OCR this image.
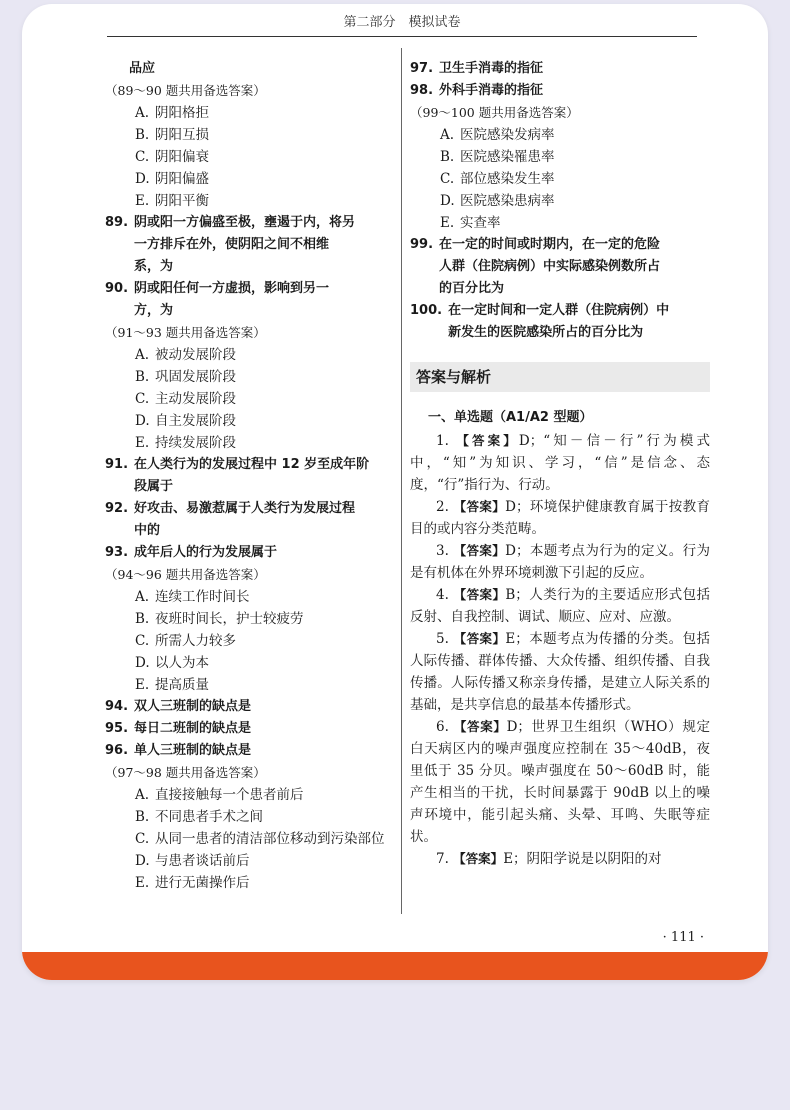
第二部分　模拟试卷
品应
（89～90 题共用备选答案）
A. 阴阳格拒
B. 阴阳互损
C. 阴阳偏衰
D. 阴阳偏盛
E. 阴阳平衡
89. 阴或阳一方偏盛至极，壅遏于内，将另
一方排斥在外，使阴阳之间不相维
系，为
90. 阴或阳任何一方虚损，影响到另一
方，为
（91～93 题共用备选答案）
A. 被动发展阶段
B. 巩固发展阶段
C. 主动发展阶段
D. 自主发展阶段
E. 持续发展阶段
91. 在人类行为的发展过程中 12 岁至成年阶
段属于
92. 好攻击、易激惹属于人类行为发展过程
中的
93. 成年后人的行为发展属于
（94～96 题共用备选答案）
A. 连续工作时间长
B. 夜班时间长，护士较疲劳
C. 所需人力较多
D. 以人为本
E. 提高质量
94. 双人三班制的缺点是
95. 每日二班制的缺点是
96. 单人三班制的缺点是
（97～98 题共用备选答案）
A. 直接接触每一个患者前后
B. 不同患者手术之间
C. 从同一患者的清洁部位移动到污染部位
D. 与患者谈话前后
E. 进行无菌操作后
97. 卫生手消毒的指征
98. 外科手消毒的指征
（99～100 题共用备选答案）
A. 医院感染发病率
B. 医院感染罹患率
C. 部位感染发生率
D. 医院感染患病率
E. 实查率
99. 在一定的时间或时期内，在一定的危险
人群（住院病例）中实际感染例数所占
的百分比为
100. 在一定时间和一定人群（住院病例）中
新发生的医院感染所占的百分比为
答案与解析
一、单选题（A1/A2 型题）

1. 【答案】D；“知－信－行”行为模式中，“知”为知识、学习，“信”是信念、态度，“行”指行为、行动。

2. 【答案】D；环境保护健康教育属于按教育目的或内容分类范畴。

3. 【答案】D；本题考点为行为的定义。行为是有机体在外界环境刺激下引起的反应。

4. 【答案】B；人类行为的主要适应形式包括反射、自我控制、调试、顺应、应对、应激。

5. 【答案】E；本题考点为传播的分类。包括人际传播、群体传播、大众传播、组织传播、自我传播。人际传播又称亲身传播，是建立人际关系的基础，是共享信息的最基本传播形式。

6. 【答案】D；世界卫生组织（WHO）规定白天病区内的噪声强度应控制在 35～40dB，夜里低于 35 分贝。噪声强度在 50～60dB 时，能产生相当的干扰，长时间暴露于 90dB 以上的噪声环境中，能引起头痛、头晕、耳鸣、失眠等症状。

7. 【答案】E；阴阳学说是以阴阳的对

· 111 ·
